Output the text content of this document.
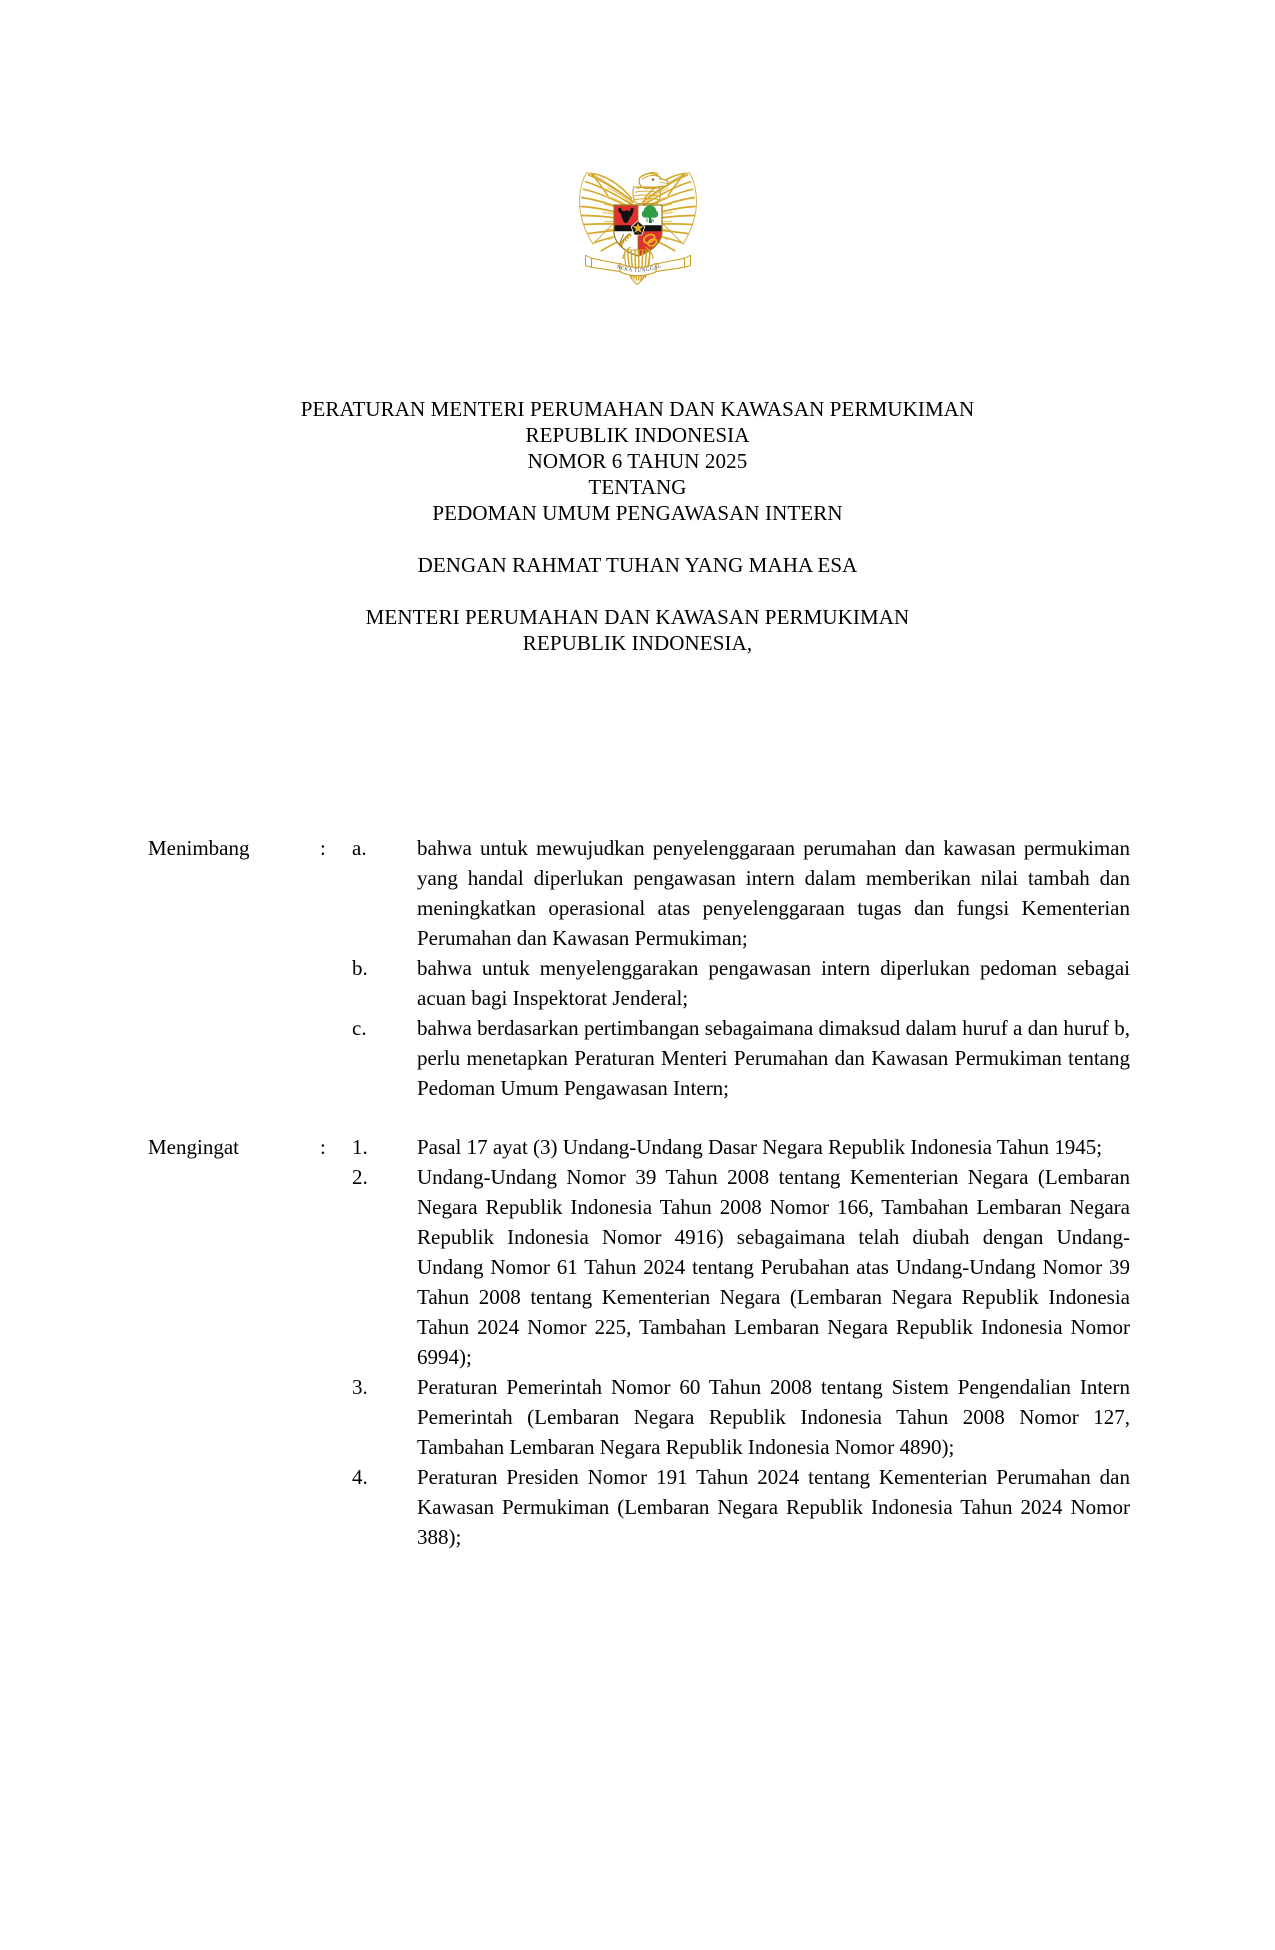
BHINNEKA TUNGGAL IKA
PERATURAN MENTERI PERUMAHAN DAN KAWASAN PERMUKIMAN
REPUBLIK INDONESIA
NOMOR 6 TAHUN 2025
TENTANG
PEDOMAN UMUM PENGAWASAN INTERN
DENGAN RAHMAT TUHAN YANG MAHA ESA
MENTERI PERUMAHAN DAN KAWASAN PERMUKIMAN
REPUBLIK INDONESIA,
Menimbang	:	a.	bahwa untuk mewujudkan penyelenggaraan perumahan dan kawasan permukiman yang handal diperlukan pengawasan intern dalam memberikan nilai tambah dan meningkatkan operasional atas penyelenggaraan tugas dan fungsi Kementerian Perumahan dan Kawasan Permukiman;
b.	bahwa untuk menyelenggarakan pengawasan intern diperlukan pedoman sebagai acuan bagi Inspektorat Jenderal;
c.	bahwa berdasarkan pertimbangan sebagaimana dimaksud dalam huruf a dan huruf b, perlu menetapkan Peraturan Menteri Perumahan dan Kawasan Permukiman tentang Pedoman Umum Pengawasan Intern;
Mengingat	:	1.	Pasal 17 ayat (3) Undang-Undang Dasar Negara Republik Indonesia Tahun 1945;
2.	Undang-Undang Nomor 39 Tahun 2008 tentang Kementerian Negara (Lembaran Negara Republik Indonesia Tahun 2008 Nomor 166, Tambahan Lembaran Negara Republik Indonesia Nomor 4916) sebagaimana telah diubah dengan Undang-Undang Nomor 61 Tahun 2024 tentang Perubahan atas Undang-Undang Nomor 39 Tahun 2008 tentang Kementerian Negara (Lembaran Negara Republik Indonesia Tahun 2024 Nomor 225, Tambahan Lembaran Negara Republik Indonesia Nomor 6994);
3.	Peraturan Pemerintah Nomor 60 Tahun 2008 tentang Sistem Pengendalian Intern Pemerintah (Lembaran Negara Republik Indonesia Tahun 2008 Nomor 127, Tambahan Lembaran Negara Republik Indonesia Nomor 4890);
4.	Peraturan Presiden Nomor 191 Tahun 2024 tentang Kementerian Perumahan dan Kawasan Permukiman (Lembaran Negara Republik Indonesia Tahun 2024 Nomor 388);
